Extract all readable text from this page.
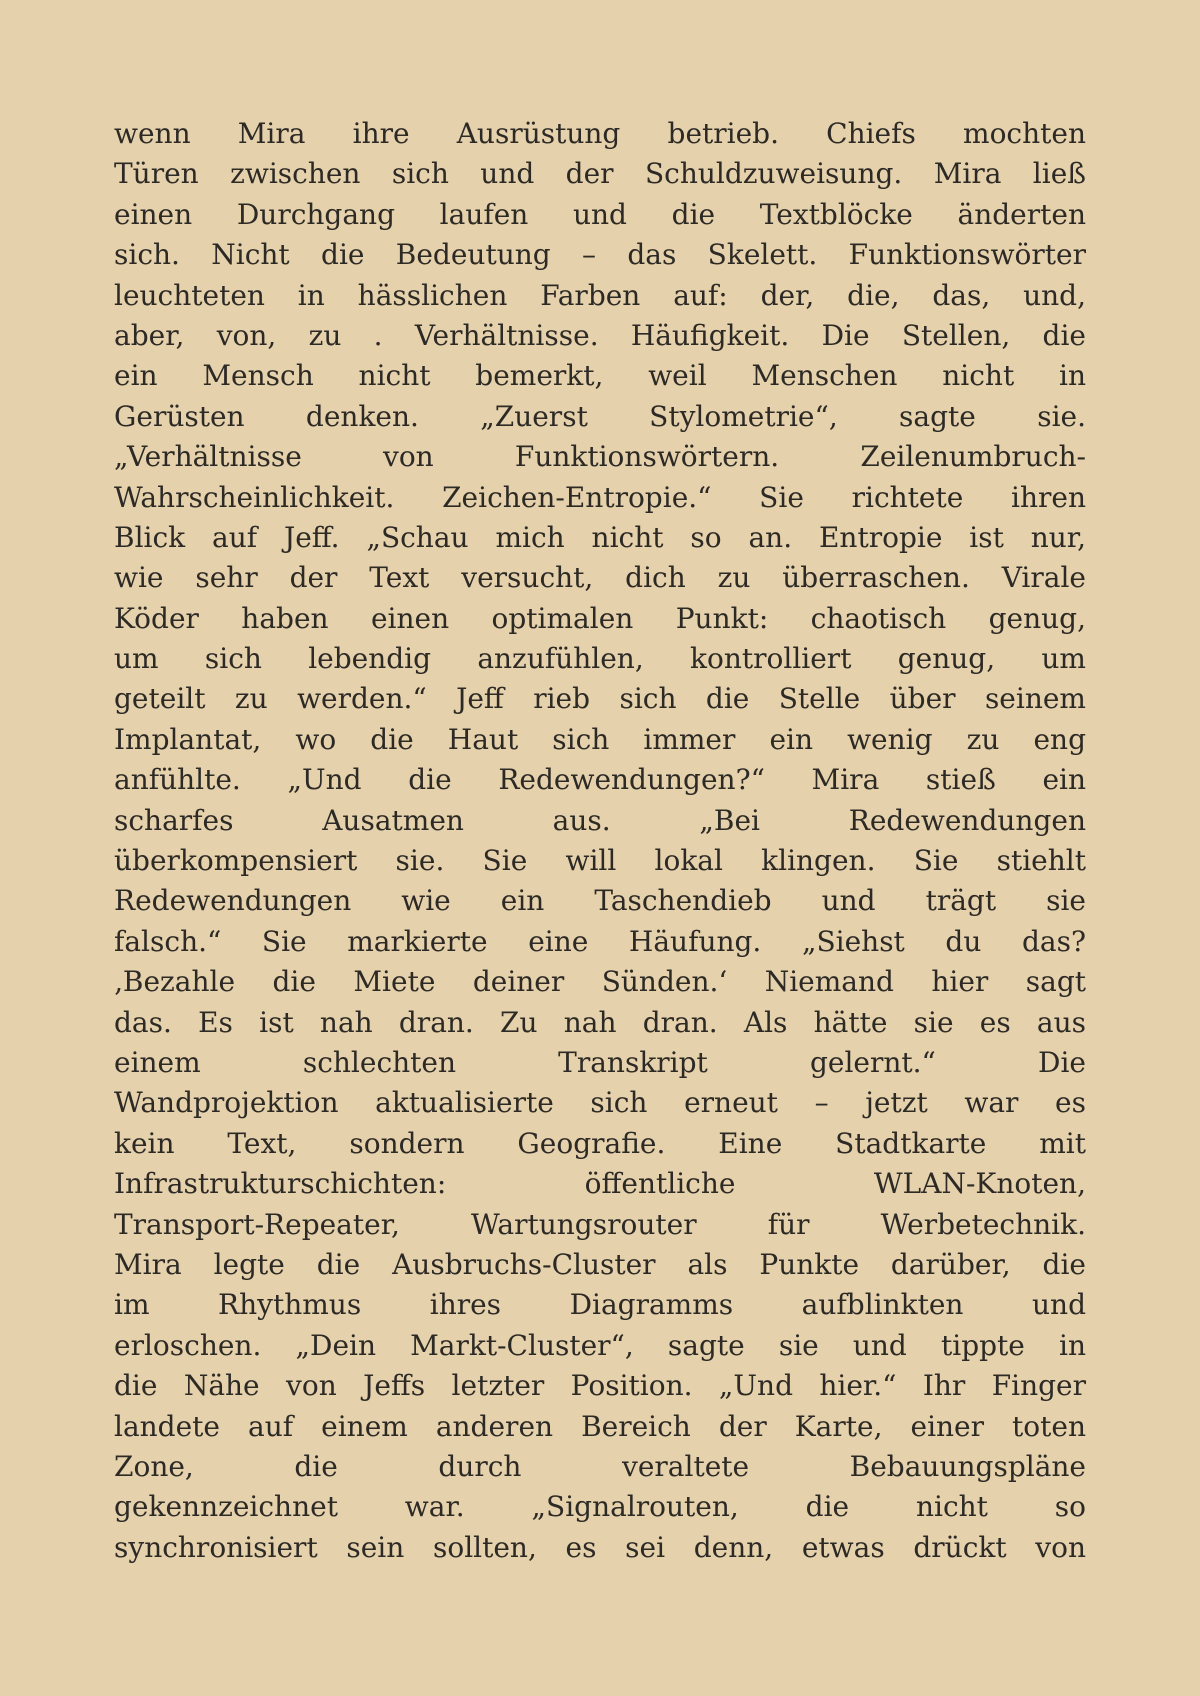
wenn Mira ihre Ausrüstung betrieb. Chiefs mochten
Türen zwischen sich und der Schuldzuweisung. Mira ließ
einen Durchgang laufen und die Textblöcke änderten
sich. Nicht die Bedeutung – das Skelett. Funktionswörter
leuchteten in hässlichen Farben auf: der, die, das, und,
aber, von, zu . Verhältnisse. Häufigkeit. Die Stellen, die
ein Mensch nicht bemerkt, weil Menschen nicht in
Gerüsten denken. „Zuerst Stylometrie“, sagte sie.
„Verhältnisse von Funktionswörtern. Zeilenumbruch-
Wahrscheinlichkeit. Zeichen-Entropie.“ Sie richtete ihren
Blick auf Jeff. „Schau mich nicht so an. Entropie ist nur,
wie sehr der Text versucht, dich zu überraschen. Virale
Köder haben einen optimalen Punkt: chaotisch genug,
um sich lebendig anzufühlen, kontrolliert genug, um
geteilt zu werden.“ Jeff rieb sich die Stelle über seinem
Implantat, wo die Haut sich immer ein wenig zu eng
anfühlte. „Und die Redewendungen?“ Mira stieß ein
scharfes Ausatmen aus. „Bei Redewendungen
überkompensiert sie. Sie will lokal klingen. Sie stiehlt
Redewendungen wie ein Taschendieb und trägt sie
falsch.“ Sie markierte eine Häufung. „Siehst du das?
‚Bezahle die Miete deiner Sünden.‘ Niemand hier sagt
das. Es ist nah dran. Zu nah dran. Als hätte sie es aus
einem schlechten Transkript gelernt.“ Die
Wandprojektion aktualisierte sich erneut – jetzt war es
kein Text, sondern Geografie. Eine Stadtkarte mit
Infrastrukturschichten: öffentliche WLAN-Knoten,
Transport-Repeater, Wartungsrouter für Werbetechnik.
Mira legte die Ausbruchs-Cluster als Punkte darüber, die
im Rhythmus ihres Diagramms aufblinkten und
erloschen. „Dein Markt-Cluster“, sagte sie und tippte in
die Nähe von Jeffs letzter Position. „Und hier.“ Ihr Finger
landete auf einem anderen Bereich der Karte, einer toten
Zone, die durch veraltete Bebauungspläne
gekennzeichnet war. „Signalrouten, die nicht so
synchronisiert sein sollten, es sei denn, etwas drückt von
